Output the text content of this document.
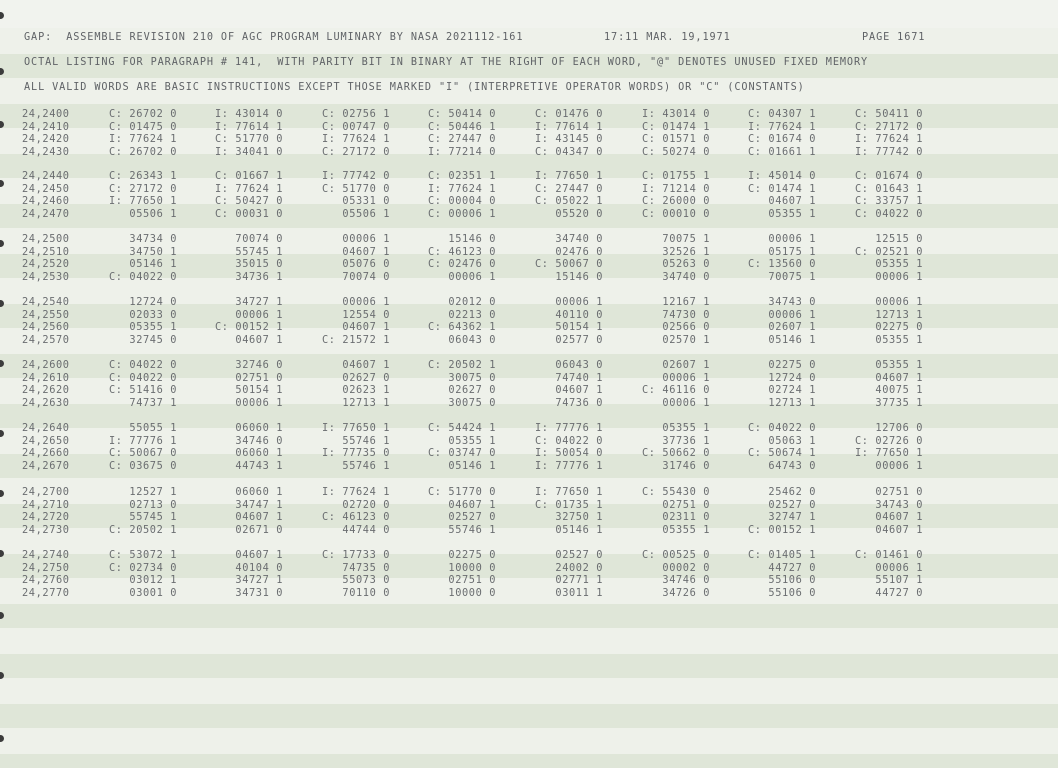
GAP:  ASSEMBLE REVISION 210 OF AGC PROGRAM LUMINARY BY NASA 2021112-161	17:11 MAR. 19,1971	PAGE 1671
OCTAL LISTING FOR PARAGRAPH # 141,  WITH PARITY BIT IN BINARY AT THE RIGHT OF EACH WORD, "@" DENOTES UNUSED FIXED MEMORY
ALL VALID WORDS ARE BASIC INSTRUCTIONS EXCEPT THOSE MARKED "I" (INTERPRETIVE OPERATOR WORDS) OR "C" (CONSTANTS)
24,2400	C: 26702 0	I: 43014 0	C: 02756 1	C: 50414 0	C: 01476 0	I: 43014 0	C: 04307 1	C: 50411 0
24,2410	C: 01475 0	I: 77614 1	C: 00747 0	C: 50446 1	I: 77614 1	C: 01474 1	I: 77624 1	C: 27172 0
24,2420	I: 77624 1	C: 51770 0	I: 77624 1	C: 27447 0	I: 43145 0	C: 01571 0	C: 01674 0	I: 77624 1
24,2430	C: 26702 0	I: 34041 0	C: 27172 0	I: 77214 0	C: 04347 0	C: 50274 0	C: 01661 1	I: 77742 0
24,2440	C: 26343 1	C: 01667 1	I: 77742 0	C: 02351 1	I: 77650 1	C: 01755 1	I: 45014 0	C: 01674 0
24,2450	C: 27172 0	I: 77624 1	C: 51770 0	I: 77624 1	C: 27447 0	I: 71214 0	C: 01474 1	C: 01643 1
24,2460	I: 77650 1	C: 50427 0	05331 0	C: 00004 0	C: 05022 1	C: 26000 0	04607 1	C: 33757 1
24,2470	05506 1	C: 00031 0	05506 1	C: 00006 1	05520 0	C: 00010 0	05355 1	C: 04022 0
24,2500	34734 0	70074 0	00006 1	15146 0	34740 0	70075 1	00006 1	12515 0
24,2510	34750 1	55745 1	04607 1	C: 46123 0	02476 0	32526 1	05175 1	C: 02521 0
24,2520	05146 1	35015 0	05076 0	C: 02476 0	C: 50067 0	05263 0	C: 13560 0	05355 1
24,2530	C: 04022 0	34736 1	70074 0	00006 1	15146 0	34740 0	70075 1	00006 1
24,2540	12724 0	34727 1	00006 1	02012 0	00006 1	12167 1	34743 0	00006 1
24,2550	02033 0	00006 1	12554 0	02213 0	40110 0	74730 0	00006 1	12713 1
24,2560	05355 1	C: 00152 1	04607 1	C: 64362 1	50154 1	02566 0	02607 1	02275 0
24,2570	32745 0	04607 1	C: 21572 1	06043 0	02577 0	02570 1	05146 1	05355 1
24,2600	C: 04022 0	32746 0	04607 1	C: 20502 1	06043 0	02607 1	02275 0	05355 1
24,2610	C: 04022 0	02751 0	02627 0	30075 0	74740 1	00006 1	12724 0	04607 1
24,2620	C: 51416 0	50154 1	02623 1	02627 0	04607 1	C: 46116 0	02724 1	40075 1
24,2630	74737 1	00006 1	12713 1	30075 0	74736 0	00006 1	12713 1	37735 1
24,2640	55055 1	06060 1	I: 77650 1	C: 54424 1	I: 77776 1	05355 1	C: 04022 0	12706 0
24,2650	I: 77776 1	34746 0	55746 1	05355 1	C: 04022 0	37736 1	05063 1	C: 02726 0
24,2660	C: 50067 0	06060 1	I: 77735 0	C: 03747 0	I: 50054 0	C: 50662 0	C: 50674 1	I: 77650 1
24,2670	C: 03675 0	44743 1	55746 1	05146 1	I: 77776 1	31746 0	64743 0	00006 1
24,2700	12527 1	06060 1	I: 77624 1	C: 51770 0	I: 77650 1	C: 55430 0	25462 0	02751 0
24,2710	02713 0	34747 1	02720 0	04607 1	C: 01735 1	02751 0	02527 0	34743 0
24,2720	55745 1	04607 1	C: 46123 0	02527 0	32750 1	02311 0	32747 1	04607 1
24,2730	C: 20502 1	02671 0	44744 0	55746 1	05146 1	05355 1	C: 00152 1	04607 1
24,2740	C: 53072 1	04607 1	C: 17733 0	02275 0	02527 0	C: 00525 0	C: 01405 1	C: 01461 0
24,2750	C: 02734 0	40104 0	74735 0	10000 0	24002 0	00002 0	44727 0	00006 1
24,2760	03012 1	34727 1	55073 0	02751 0	02771 1	34746 0	55106 0	55107 1
24,2770	03001 0	34731 0	70110 0	10000 0	03011 1	34726 0	55106 0	44727 0
